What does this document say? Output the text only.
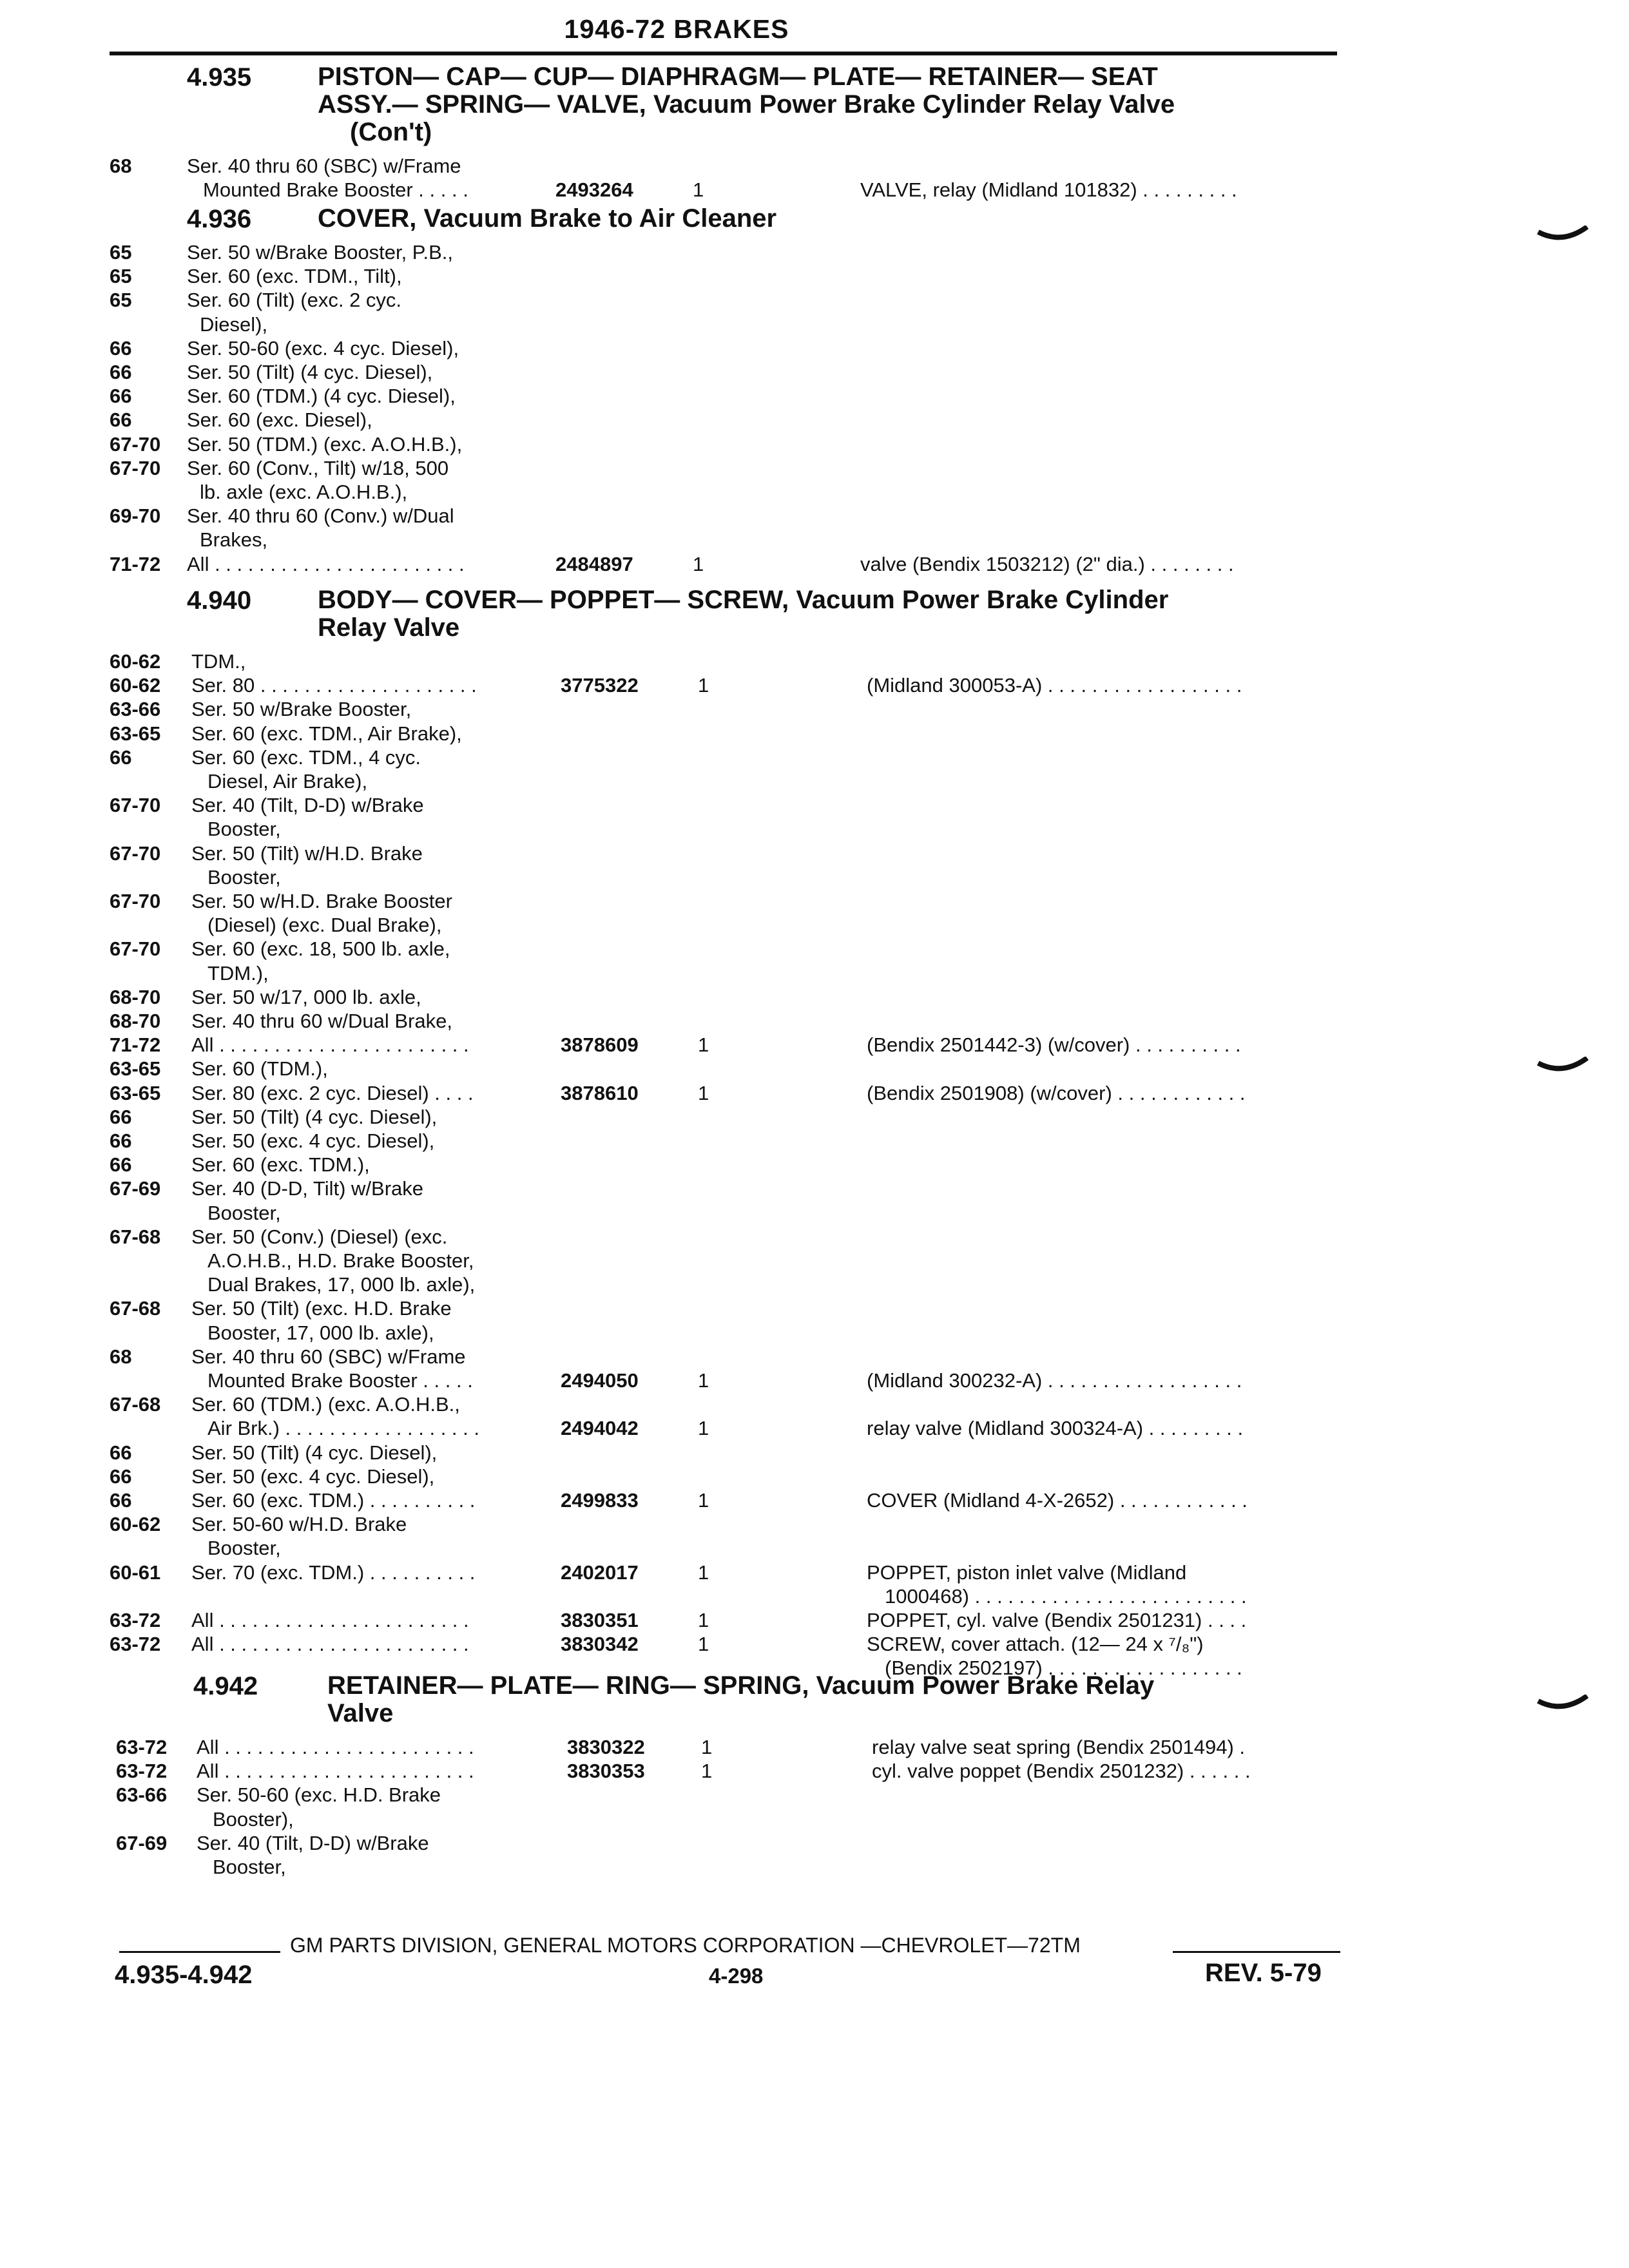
1946-72 BRAKES
4.935	PISTON— CAP— CUP— DIAPHRAGM— PLATE— RETAINER— SEAT
ASSY.— SPRING— VALVE, Vacuum Power Brake Cylinder Relay Valve
(Con't)
68	Ser. 40 thru 60 (SBC) w/Frame
Mounted Brake Booster . . . . .	2493264	1	VALVE, relay (Midland 101832) . . . . . . . . .
4.936	COVER, Vacuum Brake to Air Cleaner
65	Ser. 50 w/Brake Booster, P.B.,
65	Ser. 60 (exc. TDM., Tilt),
65	Ser. 60 (Tilt) (exc. 2 cyc.
Diesel),
66	Ser. 50-60 (exc. 4 cyc. Diesel),
66	Ser. 50 (Tilt) (4 cyc. Diesel),
66	Ser. 60 (TDM.) (4 cyc. Diesel),
66	Ser. 60 (exc. Diesel),
67-70 Ser. 50 (TDM.) (exc. A.O.H.B.),
67-70 Ser. 60 (Conv., Tilt) w/18, 500
lb. axle (exc. A.O.H.B.),
69-70 Ser. 40 thru 60 (Conv.) w/Dual
Brakes,
71-72 All . . . . . . . . . . . . . . . . . . . . . . .	2484897	1	valve (Bendix 1503212) (2" dia.) . . . . . . . .
4.940	BODY— COVER— POPPET— SCREW, Vacuum Power Brake Cylinder
Relay Valve
60-62 TDM.,
60-62 Ser. 80 . . . . . . . . . . . . . . . . . . . .	3775322	1	(Midland 300053-A) . . . . . . . . . . . . . . . . . .
63-66 Ser. 50 w/Brake Booster,
63-65 Ser. 60 (exc. TDM., Air Brake),
66	Ser. 60 (exc. TDM., 4 cyc.
Diesel, Air Brake),
67-70 Ser. 40 (Tilt, D-D) w/Brake
Booster,
67-70 Ser. 50 (Tilt) w/H.D. Brake
Booster,
67-70 Ser. 50 w/H.D. Brake Booster
(Diesel) (exc. Dual Brake),
67-70 Ser. 60 (exc. 18, 500 lb. axle,
TDM.),
68-70 Ser. 50 w/17, 000 lb. axle,
68-70 Ser. 40 thru 60 w/Dual Brake,
71-72 All . . . . . . . . . . . . . . . . . . . . . . .	3878609	1	(Bendix 2501442-3) (w/cover) . . . . . . . . . .
63-65 Ser. 60 (TDM.),
63-65 Ser. 80 (exc. 2 cyc. Diesel) . . . .	3878610	1	(Bendix 2501908) (w/cover) . . . . . . . . . . . .
66	Ser. 50 (Tilt) (4 cyc. Diesel),
66	Ser. 50 (exc. 4 cyc. Diesel),
66	Ser. 60 (exc. TDM.),
67-69 Ser. 40 (D-D, Tilt) w/Brake
Booster,
67-68 Ser. 50 (Conv.) (Diesel) (exc.
A.O.H.B., H.D. Brake Booster,
Dual Brakes, 17, 000 lb. axle),
67-68 Ser. 50 (Tilt) (exc. H.D. Brake
Booster, 17, 000 lb. axle),
68	Ser. 40 thru 60 (SBC) w/Frame
Mounted Brake Booster . . . . .	2494050	1	(Midland 300232-A) . . . . . . . . . . . . . . . . . .
67-68 Ser. 60 (TDM.) (exc. A.O.H.B.,
Air Brk.) . . . . . . . . . . . . . . . . . .	2494042	1	relay valve (Midland 300324-A) . . . . . . . . .
66	Ser. 50 (Tilt) (4 cyc. Diesel),
66	Ser. 50 (exc. 4 cyc. Diesel),
66	Ser. 60 (exc. TDM.) . . . . . . . . . .	2499833	1	COVER (Midland 4-X-2652) . . . . . . . . . . . .
60-62 Ser. 50-60 w/H.D. Brake
Booster,
60-61 Ser. 70 (exc. TDM.) . . . . . . . . . .	2402017	1	POPPET, piston inlet valve (Midland
1000468) . . . . . . . . . . . . . . . . . . . . . . . . .
63-72 All . . . . . . . . . . . . . . . . . . . . . . .	3830351	1	POPPET, cyl. valve (Bendix 2501231) . . . .
63-72 All . . . . . . . . . . . . . . . . . . . . . . .	3830342	1	SCREW, cover attach. (12— 24 x ⁷/₈")
(Bendix 2502197) . . . . . . . . . . . . . . . . . .
4.942	RETAINER— PLATE— RING— SPRING, Vacuum Power Brake Relay
Valve
63-72 All . . . . . . . . . . . . . . . . . . . . . . .	3830322	1	relay valve seat spring (Bendix 2501494) .
63-72 All . . . . . . . . . . . . . . . . . . . . . . .	3830353	1	cyl. valve poppet (Bendix 2501232) . . . . . .
63-66 Ser. 50-60 (exc. H.D. Brake
Booster),
67-69 Ser. 40 (Tilt, D-D) w/Brake
Booster,
GM PARTS DIVISION, GENERAL MOTORS CORPORATION —CHEVROLET—72TM
4.935-4.942	4-298	REV. 5-79
